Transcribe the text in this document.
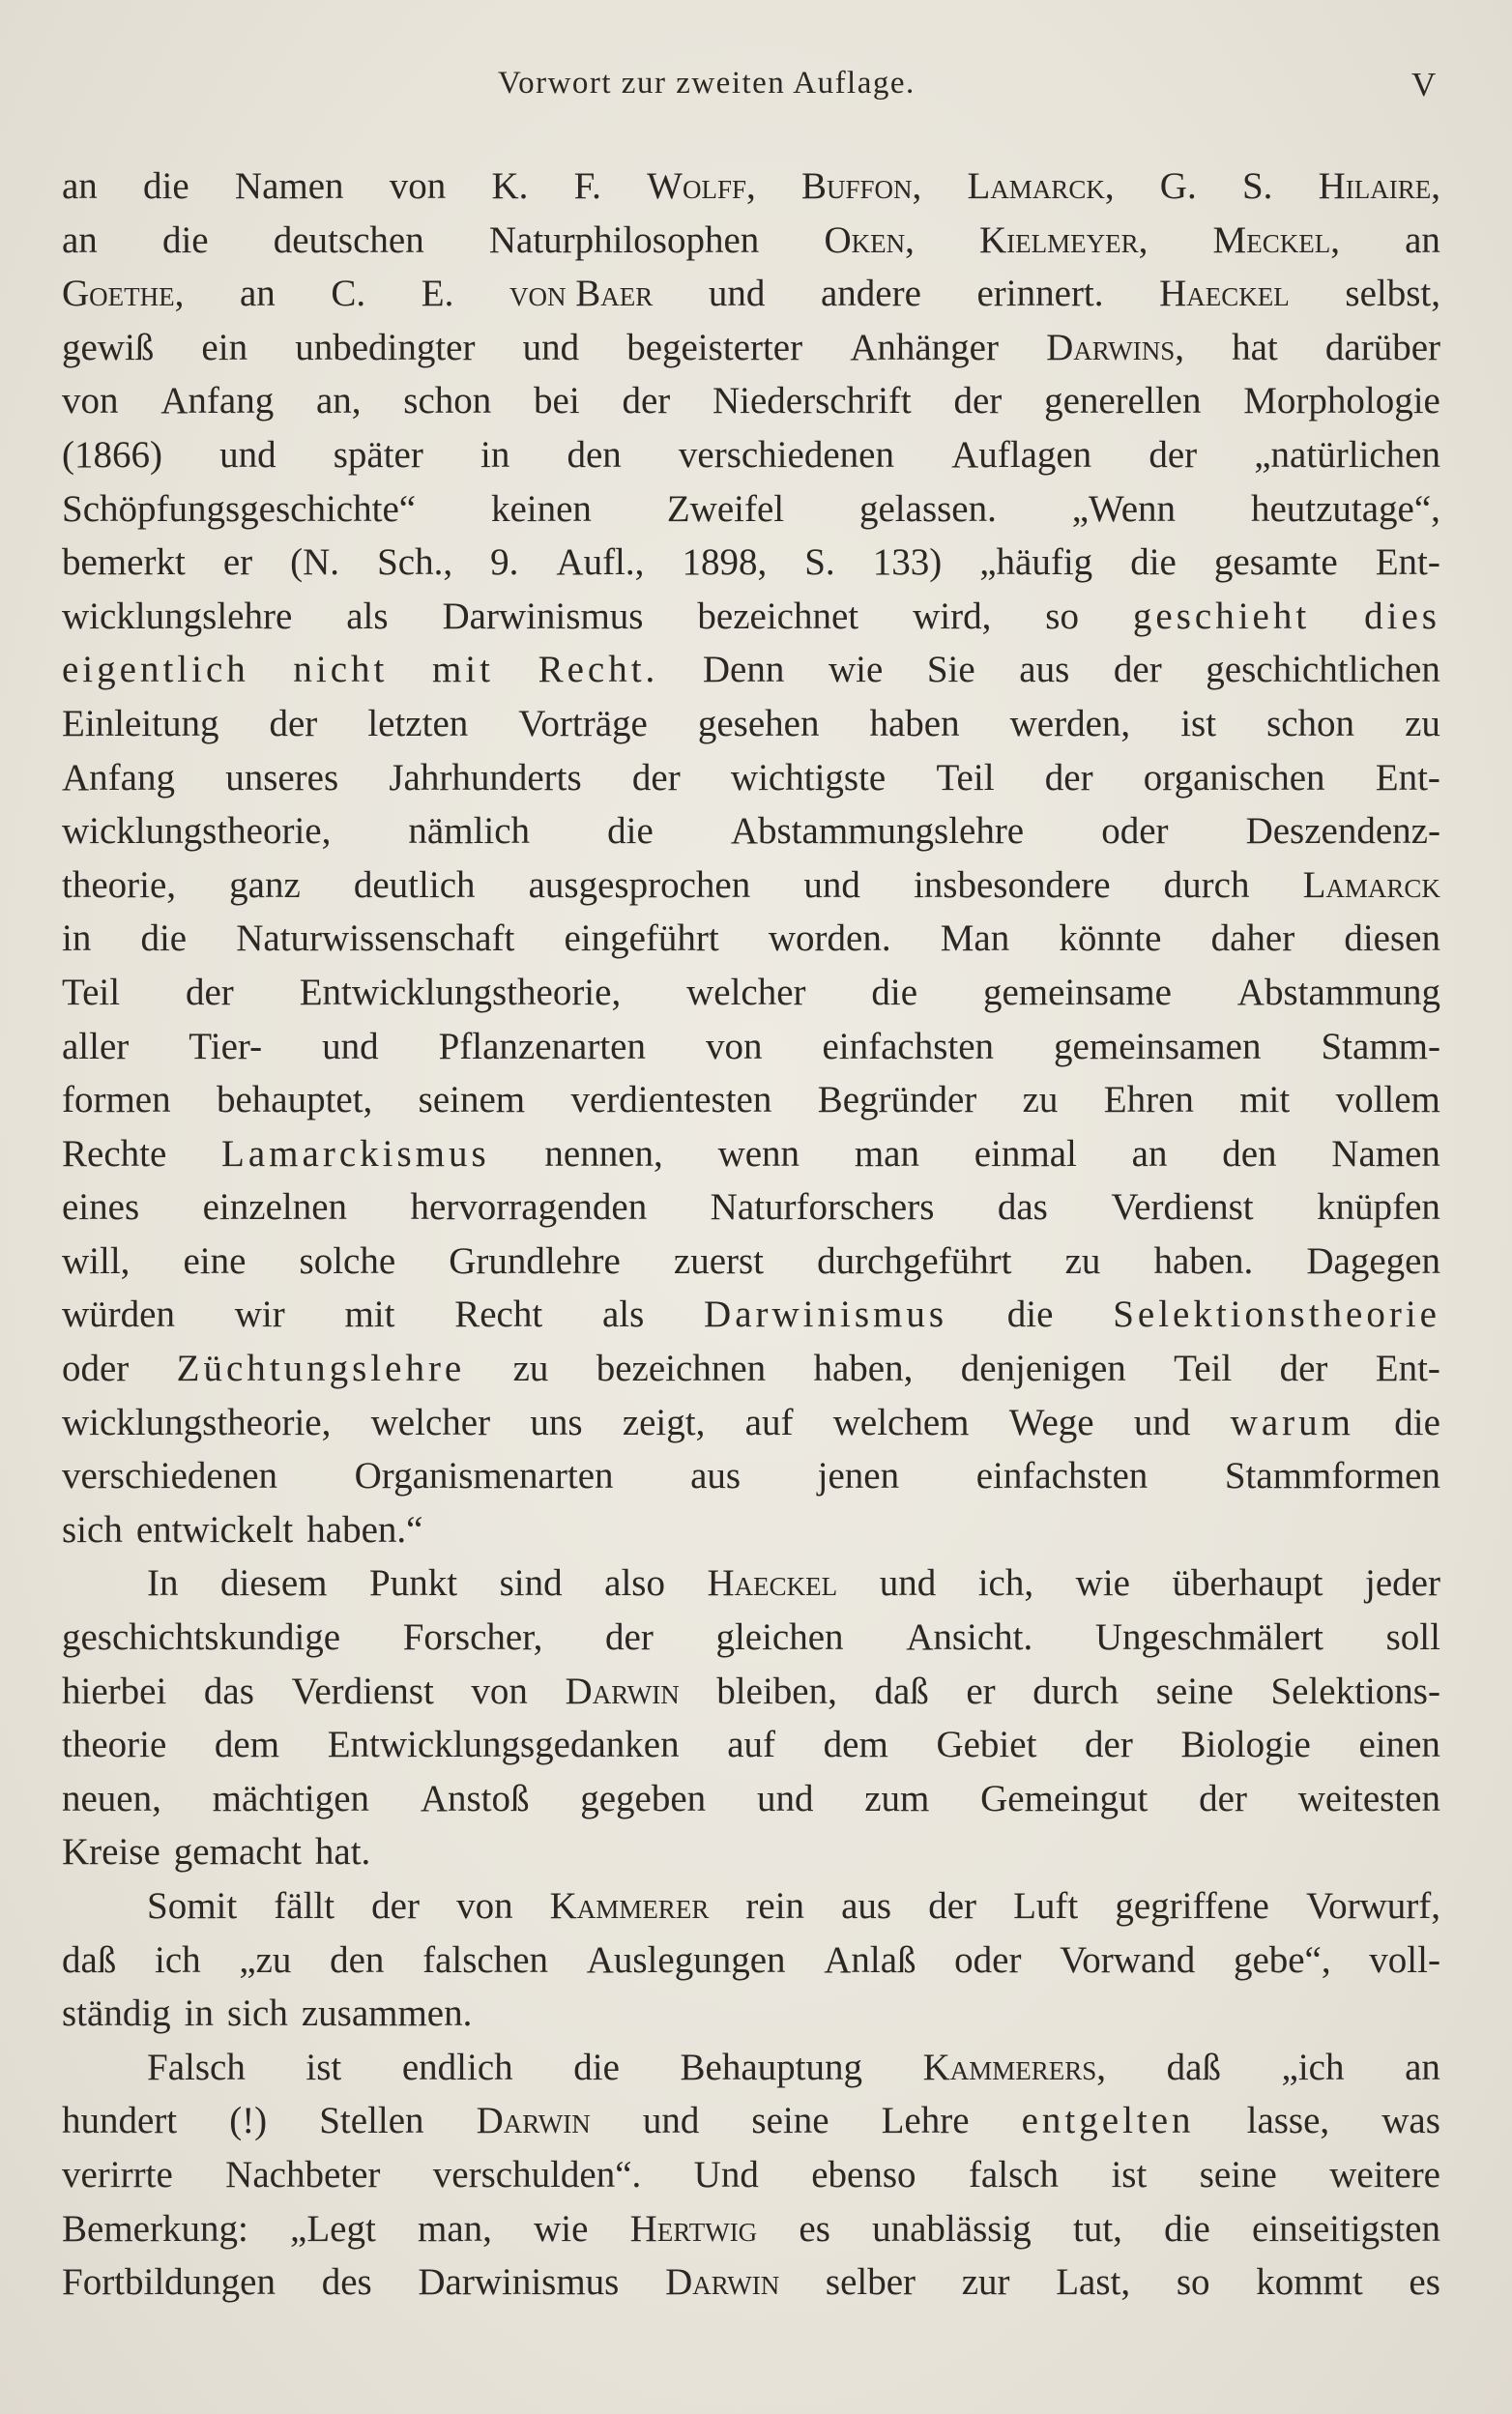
Vorwort zur zweiten Auflage.	V
an die Namen von K. F. Wolff, Buffon, Lamarck, G. S. Hilaire,
an die deutschen Naturphilosophen Oken, Kielmeyer, Meckel, an
Goethe, an C. E. von Baer und andere erinnert. Haeckel selbst,
gewiß ein unbedingter und begeisterter Anhänger Darwins, hat darüber
von Anfang an, schon bei der Niederschrift der generellen Morphologie
(1866) und später in den verschiedenen Auflagen der „natürlichen
Schöpfungsgeschichte“ keinen Zweifel gelassen. „Wenn heutzutage“,
bemerkt er (N. Sch., 9. Aufl., 1898, S. 133) „häufig die gesamte Ent-
wicklungslehre als Darwinismus bezeichnet wird, so geschieht dies
eigentlich nicht mit Recht. Denn wie Sie aus der geschichtlichen
Einleitung der letzten Vorträge gesehen haben werden, ist schon zu
Anfang unseres Jahrhunderts der wichtigste Teil der organischen Ent-
wicklungstheorie, nämlich die Abstammungslehre oder Deszendenz-
theorie, ganz deutlich ausgesprochen und insbesondere durch Lamarck
in die Naturwissenschaft eingeführt worden. Man könnte daher diesen
Teil der Entwicklungstheorie, welcher die gemeinsame Abstammung
aller Tier- und Pflanzenarten von einfachsten gemeinsamen Stamm-
formen behauptet, seinem verdientesten Begründer zu Ehren mit vollem
Rechte Lamarckismus nennen, wenn man einmal an den Namen
eines einzelnen hervorragenden Naturforschers das Verdienst knüpfen
will, eine solche Grundlehre zuerst durchgeführt zu haben. Dagegen
würden wir mit Recht als Darwinismus die Selektionstheorie
oder Züchtungslehre zu bezeichnen haben, denjenigen Teil der Ent-
wicklungstheorie, welcher uns zeigt, auf welchem Wege und warum die
verschiedenen Organismenarten aus jenen einfachsten Stammformen
sich entwickelt haben.“
In diesem Punkt sind also Haeckel und ich, wie überhaupt jeder
geschichtskundige Forscher, der gleichen Ansicht. Ungeschmälert soll
hierbei das Verdienst von Darwin bleiben, daß er durch seine Selektions-
theorie dem Entwicklungsgedanken auf dem Gebiet der Biologie einen
neuen, mächtigen Anstoß gegeben und zum Gemeingut der weitesten
Kreise gemacht hat.
Somit fällt der von Kammerer rein aus der Luft gegriffene Vorwurf,
daß ich „zu den falschen Auslegungen Anlaß oder Vorwand gebe“, voll-
ständig in sich zusammen.
Falsch ist endlich die Behauptung Kammerers, daß „ich an
hundert (!) Stellen Darwin und seine Lehre entgelten lasse, was
verirrte Nachbeter verschulden“. Und ebenso falsch ist seine weitere
Bemerkung: „Legt man, wie Hertwig es unablässig tut, die einseitigsten
Fortbildungen des Darwinismus Darwin selber zur Last, so kommt es
